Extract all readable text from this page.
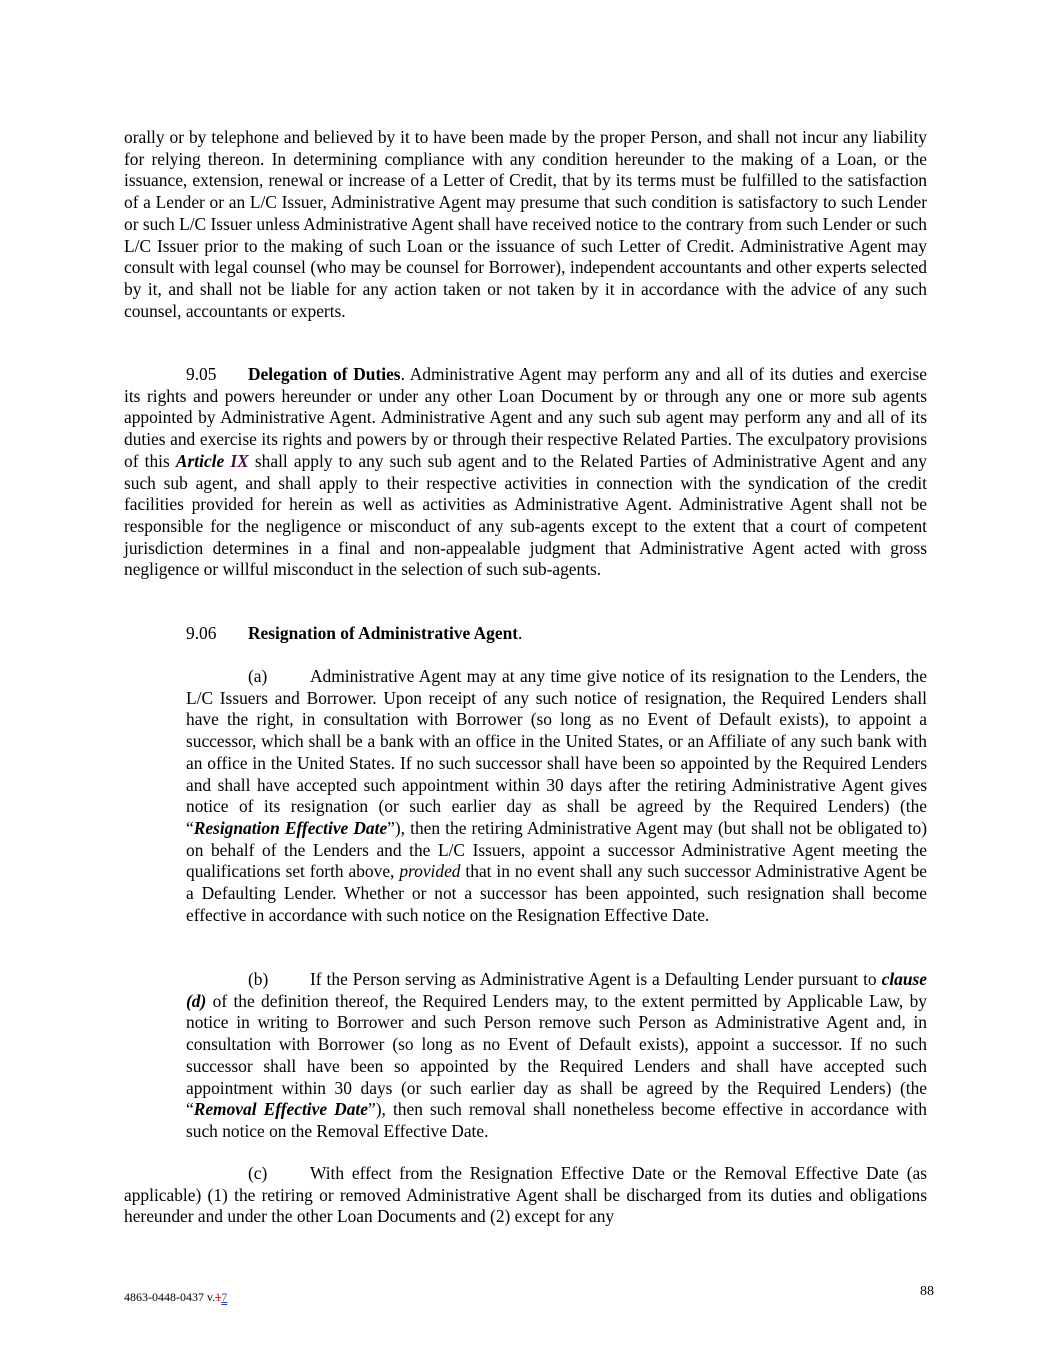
orally or by telephone and believed by it to have been made by the proper Person, and shall not incur any liability for relying thereon. In determining compliance with any condition hereunder to the making of a Loan, or the issuance, extension, renewal or increase of a Letter of Credit, that by its terms must be fulfilled to the satisfaction of a Lender or an L/C Issuer, Administrative Agent may presume that such condition is satisfactory to such Lender or such L/C Issuer unless Administrative Agent shall have received notice to the contrary from such Lender or such L/C Issuer prior to the making of such Loan or the issuance of such Letter of Credit. Administrative Agent may consult with legal counsel (who may be counsel for Borrower), independent accountants and other experts selected by it, and shall not be liable for any action taken or not taken by it in accordance with the advice of any such counsel, accountants or experts.

9.05 Delegation of Duties. Administrative Agent may perform any and all of its duties and exercise its rights and powers hereunder or under any other Loan Document by or through any one or more sub agents appointed by Administrative Agent. Administrative Agent and any such sub agent may perform any and all of its duties and exercise its rights and powers by or through their respective Related Parties. The exculpatory provisions of this Article IX shall apply to any such sub agent and to the Related Parties of Administrative Agent and any such sub agent, and shall apply to their respective activities in connection with the syndication of the credit facilities provided for herein as well as activities as Administrative Agent. Administrative Agent shall not be responsible for the negligence or misconduct of any sub-agents except to the extent that a court of competent jurisdiction determines in a final and non-appealable judgment that Administrative Agent acted with gross negligence or willful misconduct in the selection of such sub-agents.

9.06 Resignation of Administrative Agent.

(a) Administrative Agent may at any time give notice of its resignation to the Lenders, the L/C Issuers and Borrower. Upon receipt of any such notice of resignation, the Required Lenders shall have the right, in consultation with Borrower (so long as no Event of Default exists), to appoint a successor, which shall be a bank with an office in the United States, or an Affiliate of any such bank with an office in the United States. If no such successor shall have been so appointed by the Required Lenders and shall have accepted such appointment within 30 days after the retiring Administrative Agent gives notice of its resignation (or such earlier day as shall be agreed by the Required Lenders) (the “Resignation Effective Date”), then the retiring Administrative Agent may (but shall not be obligated to) on behalf of the Lenders and the L/C Issuers, appoint a successor Administrative Agent meeting the qualifications set forth above, provided that in no event shall any such successor Administrative Agent be a Defaulting Lender. Whether or not a successor has been appointed, such resignation shall become effective in accordance with such notice on the Resignation Effective Date.

(b) If the Person serving as Administrative Agent is a Defaulting Lender pursuant to clause (d) of the definition thereof, the Required Lenders may, to the extent permitted by Applicable Law, by notice in writing to Borrower and such Person remove such Person as Administrative Agent and, in consultation with Borrower (so long as no Event of Default exists), appoint a successor. If no such successor shall have been so appointed by the Required Lenders and shall have accepted such appointment within 30 days (or such earlier day as shall be agreed by the Required Lenders) (the “Removal Effective Date”), then such removal shall nonetheless become effective in accordance with such notice on the Removal Effective Date.

(c) With effect from the Resignation Effective Date or the Removal Effective Date (as applicable) (1) the retiring or removed Administrative Agent shall be discharged from its duties and obligations hereunder and under the other Loan Documents and (2) except for any

4863-0448-0437 v.17	88
